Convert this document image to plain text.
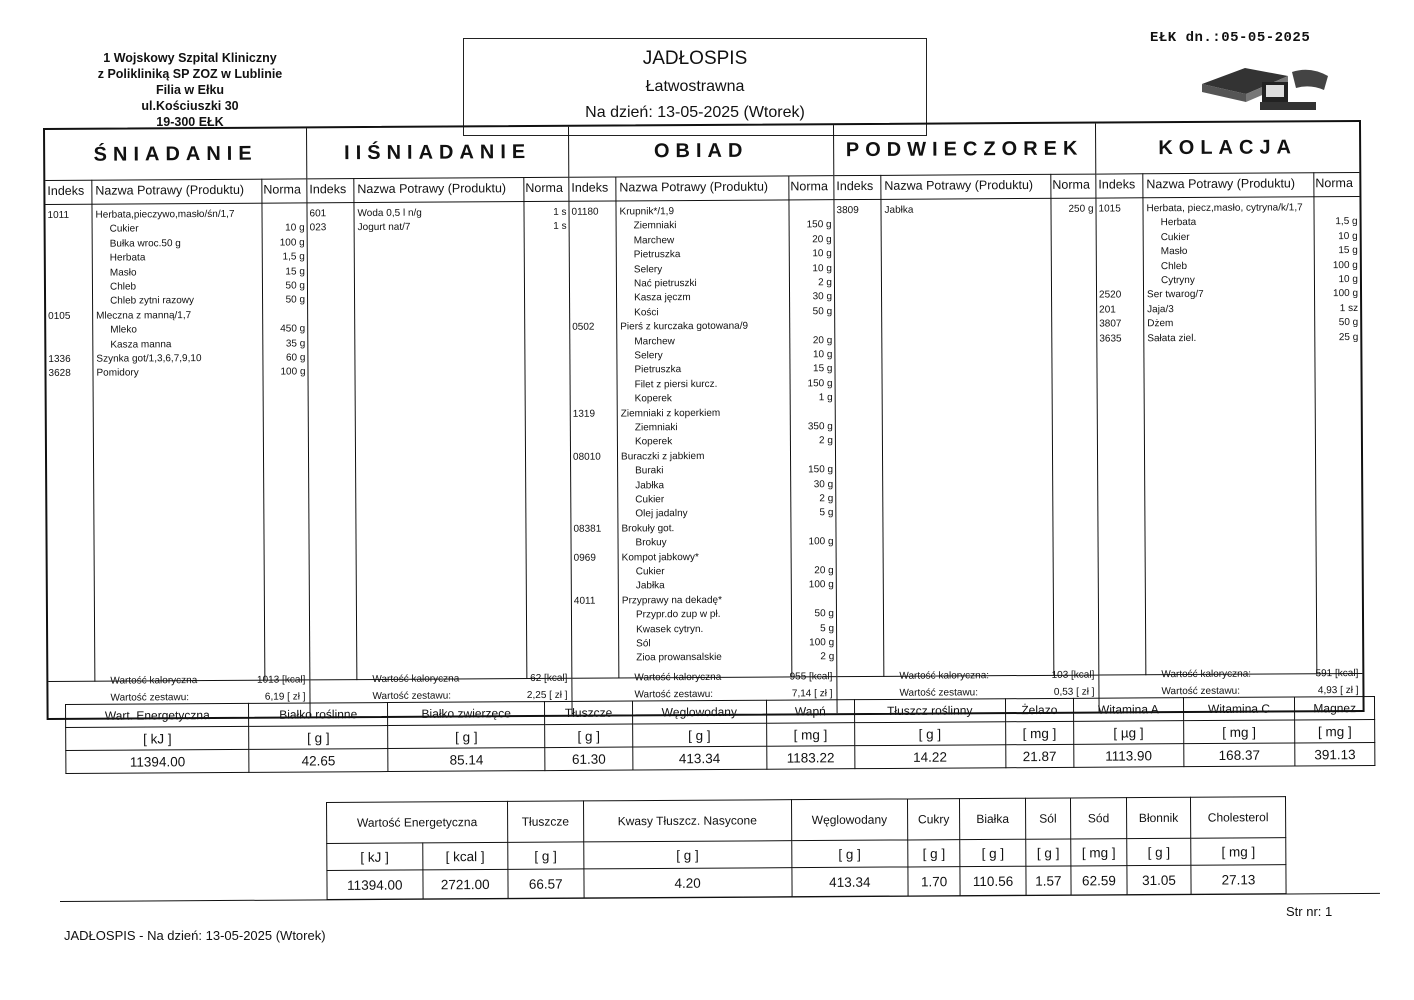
1 Wojskowy Szpital Kliniczny
z Polikliniką SP ZOZ w Lublinie
Filia w Ełku
ul.Kościuszki 30
19-300 EŁK
EŁK dn.:05-05-2025
JADŁOSPIS
Łatwostrawna
Na dzień: 13-05-2025 (Wtorek)
ŚNIADANIE
Indeks Nazwa Potrawy (Produktu) Norma
1011	Herbata,pieczywo,masło/śn/1,7
Cukier	10 g
Bułka wroc.50 g	100 g
Herbata	1,5 g
Masło	15 g
Chleb	50 g
Chleb zytni razowy	50 g
0105	Mleczna z manną/1,7
Mleko	450 g
Kasza manna	35 g
1336	Szynka got/1,3,6,7,9,10	60 g
3628	Pomidory	100 g
Wartość kaloryczna	1013 [kcal]
Wartość zestawu:	6,19 [ zł ]
IIŚNIADANIE
Indeks Nazwa Potrawy (Produktu) Norma
601	Woda 0,5 l n/g	1 s
023	Jogurt nat/7	1 s
Wartość kaloryczna	62 [kcal]
Wartość zestawu:	2,25 [ zł ]
OBIAD
Indeks Nazwa Potrawy (Produktu) Norma
01180 Krupnik*/1,9
Ziemniaki	150 g
Marchew	20 g
Pietruszka	10 g
Selery	10 g
Nać pietruszki	2 g
Kasza jęczm	30 g
Kości	50 g
0502	Pierś z kurczaka gotowana/9
Marchew	20 g
Selery	10 g
Pietruszka	15 g
Filet z piersi kurcz.	150 g
Koperek	1 g
1319	Ziemniaki z koperkiem
Ziemniaki	350 g
Koperek	2 g
08010 Buraczki z jabkiem
Buraki	150 g
Jabłka	30 g
Cukier	2 g
Olej jadalny	5 g
08381 Brokuły got.
Brokuy	100 g
0969	Kompot jabkowy*
Cukier	20 g
Jabłka	100 g
4011	Przyprawy na dekadę*
Przypr.do zup w pł.	50 g
Kwasek cytryn.	5 g
Sól	100 g
Zioa prowansalskie	2 g
Wartość kaloryczna	955 [kcal]
Wartość zestawu:	7,14 [ zł ]
PODWIECZOREK
Indeks Nazwa Potrawy (Produktu) Norma
3809	Jabłka	250 g
Wartość kaloryczna:	103 [kcal]
Wartość zestawu:	0,53 [ zł ]
KOLACJA
Indeks Nazwa Potrawy (Produktu) Norma
1015	Herbata, piecz,masło, cytryna/k/1,7
Herbata	1,5 g
Cukier	10 g
Masło	15 g
Chleb	100 g
Cytryny	10 g
2520	Ser twarog/7	100 g
201	Jaja/3	1 sz
3807	Dżem	50 g
3635	Sałata ziel.	25 g
Wartość kaloryczna:	591 [kcal]
Wartość zestawu:	4,93 [ zł ]
Wart. Energetyczna	Białko roślinne	Białko zwierzęce	Tłuszcze	Węglowodany	Wapń	Tłuszcz roślinny	Żelazo	Witamina A	Witamina C	Magnez
[ kJ ]	[ g ]	[ g ]	[ g ]	[ g ]	[ mg ]	[ g ]	[ mg ]	[ µg ]	[ mg ]	[ mg ]
11394.00	42.65	85.14	61.30	413.34	1183.22	14.22	21.87	1113.90	168.37	391.13
Wartość Energetyczna		Tłuszcze	Kwasy Tłuszcz. Nasycone	Węglowodany	Cukry	Białka	Sól	Sód	Błonnik	Cholesterol
[ kJ ]	[ kcal ]	[ g ]	[ g ]	[ g ]	[ g ]	[ g ]	[ g ]	[ mg ]	[ g ]	[ mg ]
11394.00	2721.00	66.57	4.20	413.34	1.70	110.56	1.57	62.59	31.05	27.13
JADŁOSPIS - Na dzień: 13-05-2025 (Wtorek)
Str nr: 1
